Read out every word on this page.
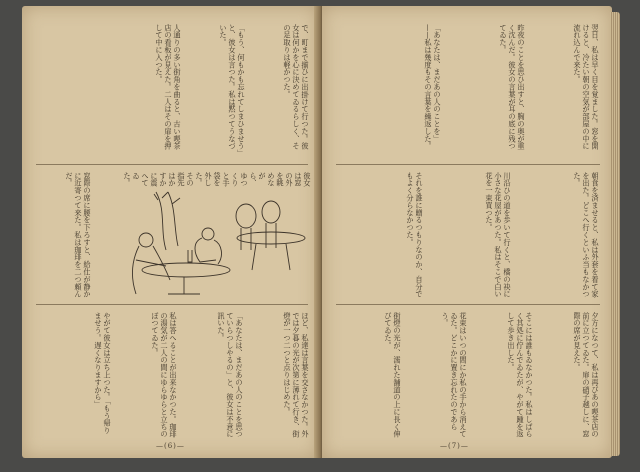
で、町まで揃ひに出掛けて行つた。彼女は何かを心に決めてゐるらしく、その足取りは軽かつた。
「もう、何もかも忘れてしまひませう」と、彼女は言つた。私は黙つてうなづいた。
人通りの多い街角を曲ると、古い喫茶店の看板が見えた。二人はその扉を押して中に入つた。
窓際の席に腰を下ろすと、給仕が静かに近寄つて来た。私は珈琲を二つ頼んだ。	彼女は窓の外を眺めながら、ゆつくりと手袋を外した。その指先はかすかに震へてゐた。
ほど、私達は言葉を交さなかつた。外では夕暮の光が次第に薄れて行き、街燈が一つ二つと点りはじめた。
「あなたは、まだあの人のことを思つていらつしやるの」と、彼女は不意に訊いた。
私は答へることが出来なかつた。珈琲の湯気が二人の間にゆらゆらと立ちのぼつてゐた。
やがて彼女は立ち上つた。「もう帰りませう。遅くなりますから」
—(6)—
翌日、私は早く目を覚ました。窓を開けると、冷たい朝の空気が部屋の中に流れ込んで来た。
昨夜のことを思ひ出すと、胸の奥が重く沈んだ。彼女の言葉が耳の底に残つてゐた。
「あなたは、まだあの人のことを」——私は幾度もその言葉を繰返した。
朝食を済ませると、私は外套を着て家を出た。どこへ行くといふ当もなかつた。
川沿ひの道を歩いて行くと、橋の袂に小さな花屋があつた。私はそこで白い花を一束買つた。
それを誰に贈るつもりなのか、自分でもよく分らなかつた。
夕方になつて、私は再びあの喫茶店の前に立つてゐた。扉の硝子越しに、窓際の席が見えた。
そこには誰もゐなかつた。私はしばらく其処に佇んでゐたが、やがて踵を返して歩き出した。
花束はいつの間にか私の手から消えてゐた。どこかに置き忘れたのであらう。
街燈の光が、濡れた舗道の上に長く伸びてゐた。
—(7)—
